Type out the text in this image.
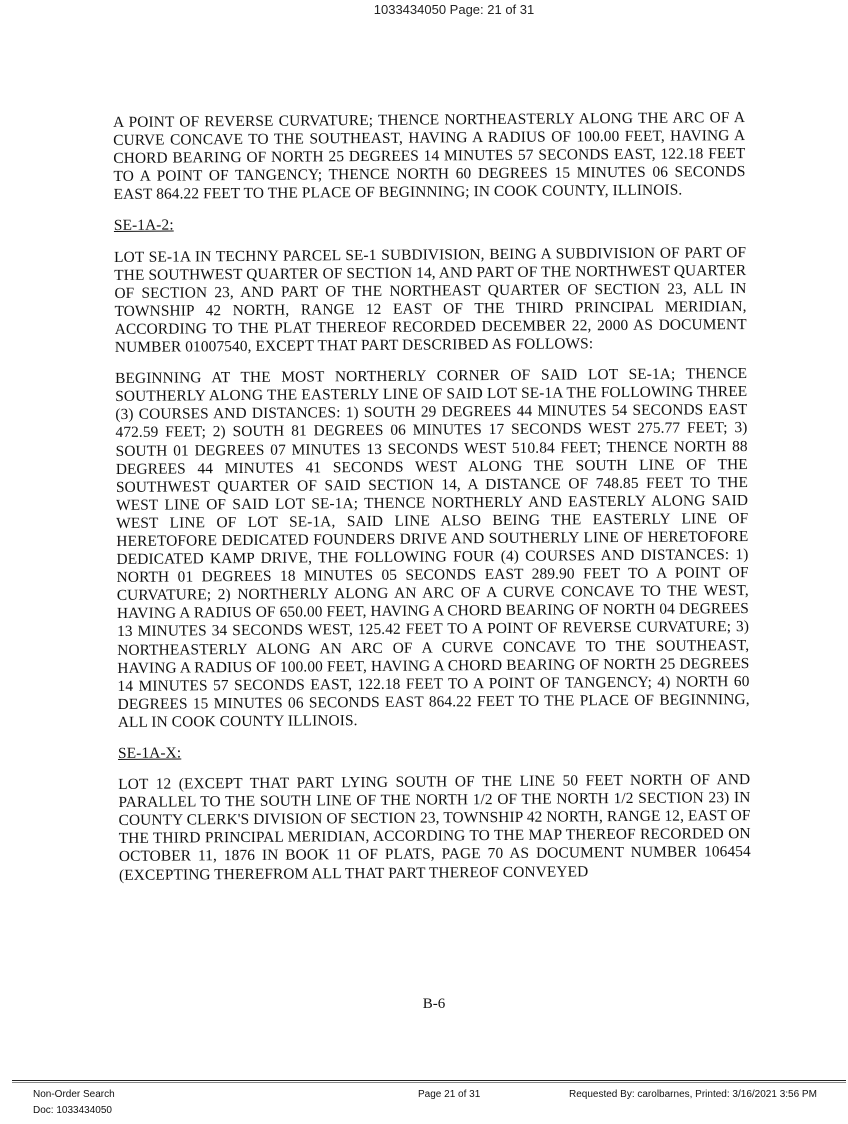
1033434050 Page: 21 of 31

A POINT OF REVERSE CURVATURE; THENCE NORTHEASTERLY ALONG THE ARC OF A CURVE CONCAVE TO THE SOUTHEAST, HAVING A RADIUS OF 100.00 FEET, HAVING A CHORD BEARING OF NORTH 25 DEGREES 14 MINUTES 57 SECONDS EAST, 122.18 FEET TO A POINT OF TANGENCY; THENCE NORTH 60 DEGREES 15 MINUTES 06 SECONDS EAST 864.22 FEET TO THE PLACE OF BEGINNING; IN COOK COUNTY, ILLINOIS.

SE-1A-2:

LOT SE-1A IN TECHNY PARCEL SE-1 SUBDIVISION, BEING A SUBDIVISION OF PART OF THE SOUTHWEST QUARTER OF SECTION 14, AND PART OF THE NORTHWEST QUARTER OF SECTION 23, AND PART OF THE NORTHEAST QUARTER OF SECTION 23, ALL IN TOWNSHIP 42 NORTH, RANGE 12 EAST OF THE THIRD PRINCIPAL MERIDIAN, ACCORDING TO THE PLAT THEREOF RECORDED DECEMBER 22, 2000 AS DOCUMENT NUMBER 01007540, EXCEPT THAT PART DESCRIBED AS FOLLOWS:

BEGINNING AT THE MOST NORTHERLY CORNER OF SAID LOT SE-1A; THENCE SOUTHERLY ALONG THE EASTERLY LINE OF SAID LOT SE-1A THE FOLLOWING THREE (3) COURSES AND DISTANCES: 1) SOUTH 29 DEGREES 44 MINUTES 54 SECONDS EAST 472.59 FEET; 2) SOUTH 81 DEGREES 06 MINUTES 17 SECONDS WEST 275.77 FEET; 3) SOUTH 01 DEGREES 07 MINUTES 13 SECONDS WEST 510.84 FEET; THENCE NORTH 88 DEGREES 44 MINUTES 41 SECONDS WEST ALONG THE SOUTH LINE OF THE SOUTHWEST QUARTER OF SAID SECTION 14, A DISTANCE OF 748.85 FEET TO THE WEST LINE OF SAID LOT SE-1A; THENCE NORTHERLY AND EASTERLY ALONG SAID WEST LINE OF LOT SE-1A, SAID LINE ALSO BEING THE EASTERLY LINE OF HERETOFORE DEDICATED FOUNDERS DRIVE AND SOUTHERLY LINE OF HERETOFORE DEDICATED KAMP DRIVE, THE FOLLOWING FOUR (4) COURSES AND DISTANCES: 1) NORTH 01 DEGREES 18 MINUTES 05 SECONDS EAST 289.90 FEET TO A POINT OF CURVATURE; 2) NORTHERLY ALONG AN ARC OF A CURVE CONCAVE TO THE WEST, HAVING A RADIUS OF 650.00 FEET, HAVING A CHORD BEARING OF NORTH 04 DEGREES 13 MINUTES 34 SECONDS WEST, 125.42 FEET TO A POINT OF REVERSE CURVATURE; 3) NORTHEASTERLY ALONG AN ARC OF A CURVE CONCAVE TO THE SOUTHEAST, HAVING A RADIUS OF 100.00 FEET, HAVING A CHORD BEARING OF NORTH 25 DEGREES 14 MINUTES 57 SECONDS EAST, 122.18 FEET TO A POINT OF TANGENCY; 4) NORTH 60 DEGREES 15 MINUTES 06 SECONDS EAST 864.22 FEET TO THE PLACE OF BEGINNING, ALL IN COOK COUNTY ILLINOIS.

SE-1A-X:

LOT 12 (EXCEPT THAT PART LYING SOUTH OF THE LINE 50 FEET NORTH OF AND PARALLEL TO THE SOUTH LINE OF THE NORTH 1/2 OF THE NORTH 1/2 SECTION 23) IN COUNTY CLERK'S DIVISION OF SECTION 23, TOWNSHIP 42 NORTH, RANGE 12, EAST OF THE THIRD PRINCIPAL MERIDIAN, ACCORDING TO THE MAP THEREOF RECORDED ON OCTOBER 11, 1876 IN BOOK 11 OF PLATS, PAGE 70 AS DOCUMENT NUMBER 106454 (EXCEPTING THEREFROM ALL THAT PART THEREOF CONVEYED

B-6
Non-Order Search
Doc: 1033434050
Page 21 of 31	Requested By: carolbarnes, Printed: 3/16/2021 3:56 PM
